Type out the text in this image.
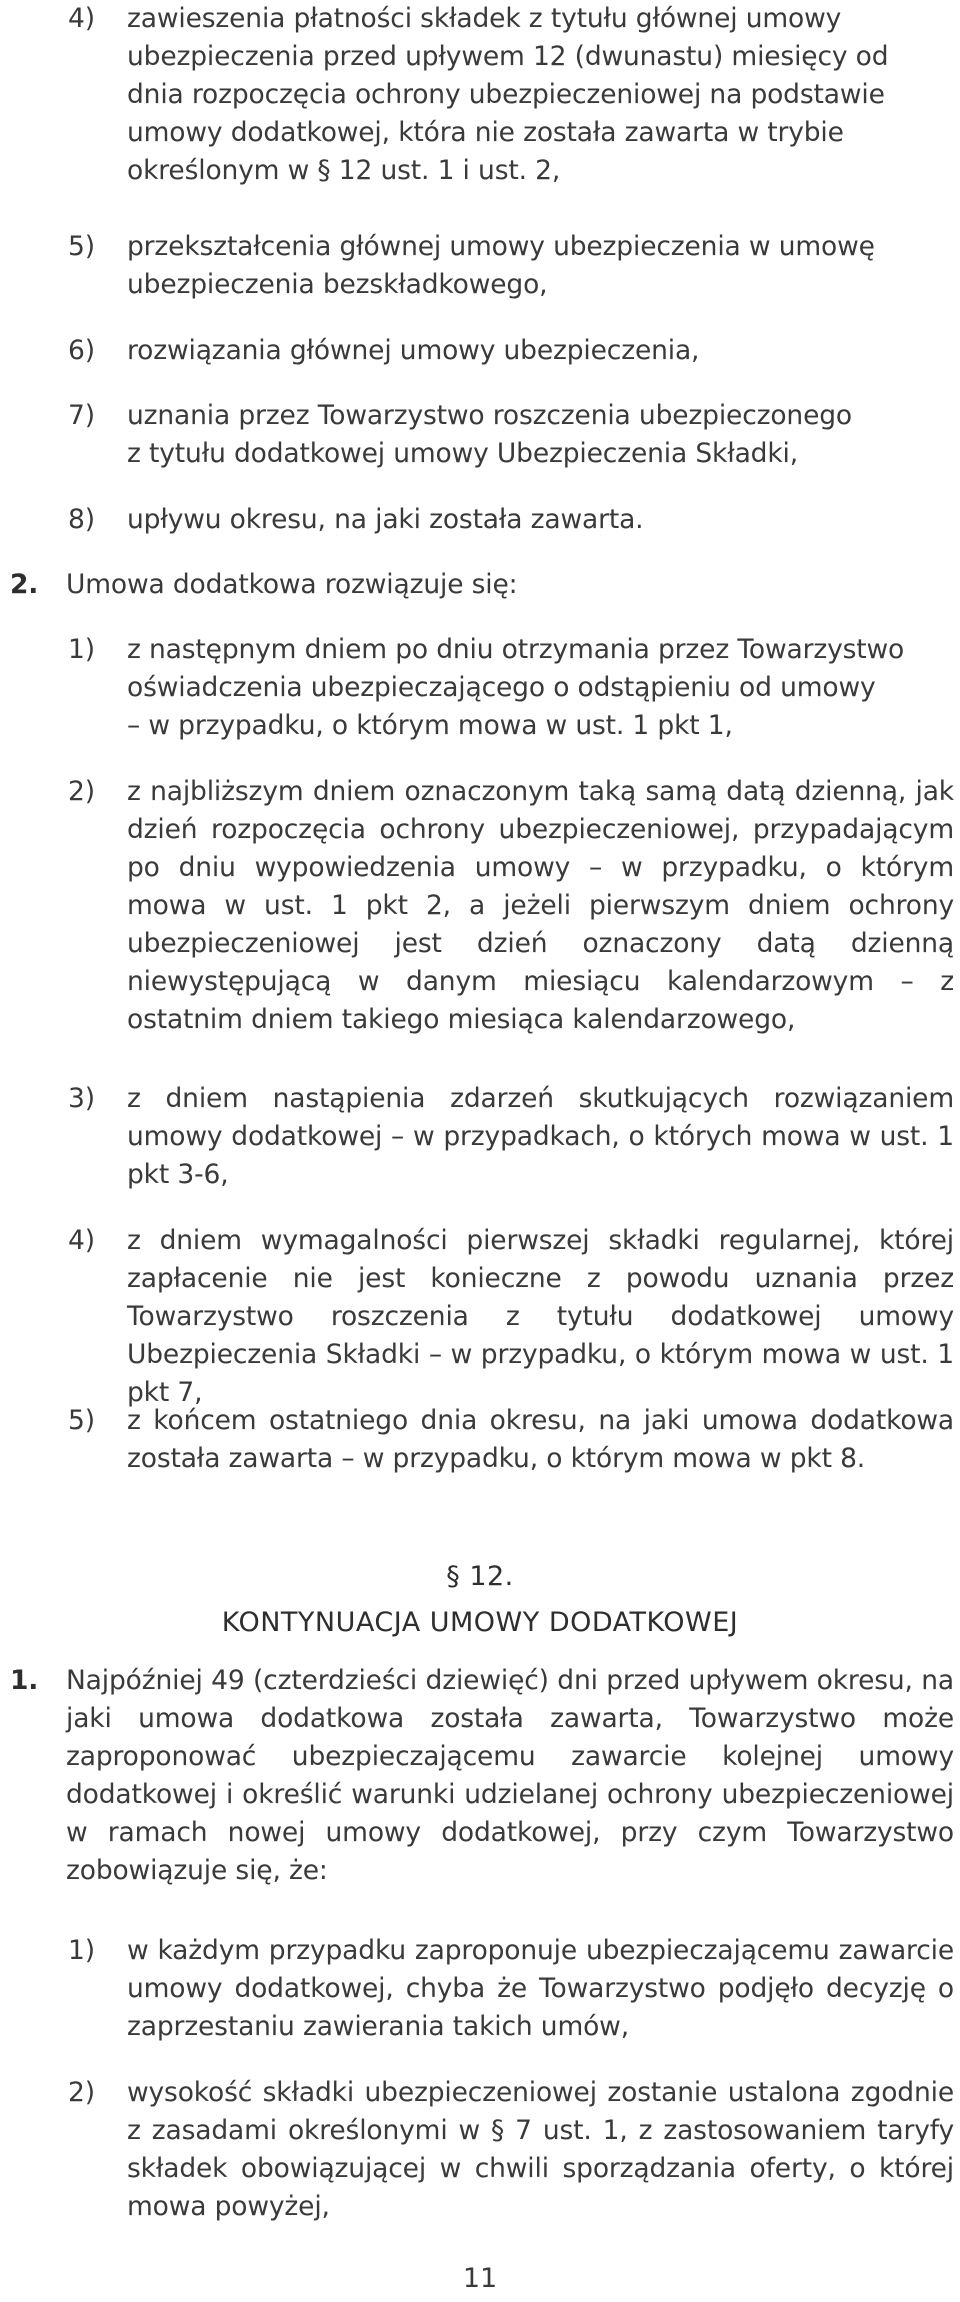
4)	zawieszenia płatności składek z tytułu głównej umowy
ubezpieczenia przed upływem 12 (dwunastu) miesięcy od
dnia rozpoczęcia ochrony ubezpieczeniowej na podstawie
umowy dodatkowej, która nie została zawarta w trybie
określonym w § 12 ust. 1 i ust. 2,
5)	przekształcenia głównej umowy ubezpieczenia w umowę
ubezpieczenia bezskładkowego,
6)	rozwiązania głównej umowy ubezpieczenia,
7)	uznania przez Towarzystwo roszczenia ubezpieczonego
z tytułu dodatkowej umowy Ubezpieczenia Składki,
8)	upływu okresu, na jaki została zawarta.
2.	Umowa dodatkowa rozwiązuje się:
1)	z następnym dniem po dniu otrzymania przez Towarzystwo
oświadczenia ubezpieczającego o odstąpieniu od umowy
– w przypadku, o którym mowa w ust. 1 pkt 1,
2)	z najbliższym dniem oznaczonym taką samą datą dzienną, jak dzień rozpoczęcia ochrony ubezpieczeniowej, przypadającym po dniu wypowiedzenia umowy – w przypadku, o którym mowa w ust. 1 pkt 2, a jeżeli pierwszym dniem ochrony ubezpieczeniowej jest dzień oznaczony datą dzienną niewystępującą w danym miesiącu kalendarzowym – z ostatnim dniem takiego miesiąca kalendarzowego,
3)	z dniem nastąpienia zdarzeń skutkujących rozwiązaniem umowy dodatkowej – w przypadkach, o których mowa w ust. 1 pkt 3-6,
4)	z dniem wymagalności pierwszej składki regularnej, której zapłacenie nie jest konieczne z powodu uznania przez Towarzystwo roszczenia z tytułu dodatkowej umowy Ubezpieczenia Składki – w przypadku, o którym mowa w ust. 1 pkt 7,
5)	z końcem ostatniego dnia okresu, na jaki umowa dodatkowa została zawarta – w przypadku, o którym mowa w pkt 8.
§ 12.
KONTYNUACJA UMOWY DODATKOWEJ
1.	Najpóźniej 49 (czterdzieści dziewięć) dni przed upływem okresu, na jaki umowa dodatkowa została zawarta, Towarzystwo może zaproponować ubezpieczającemu zawarcie kolejnej umowy dodatkowej i określić warunki udzielanej ochrony ubezpieczeniowej w ramach nowej umowy dodatkowej, przy czym Towarzystwo zobowiązuje się, że:
1)	w każdym przypadku zaproponuje ubezpieczającemu zawarcie umowy dodatkowej, chyba że Towarzystwo podjęło decyzję o zaprzestaniu zawierania takich umów,
2)	wysokość składki ubezpieczeniowej zostanie ustalona zgodnie z zasadami określonymi w § 7 ust. 1, z zastosowaniem taryfy składek obowiązującej w chwili sporządzania oferty, o której mowa powyżej,
11
